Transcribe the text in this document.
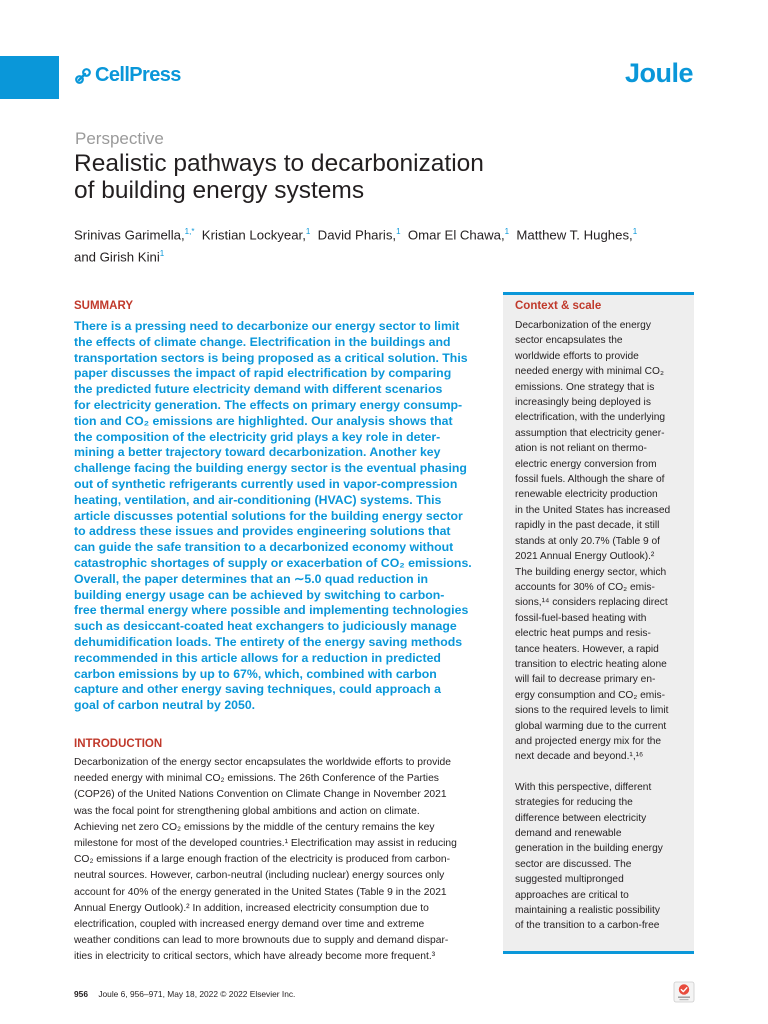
CellPress	Joule
Perspective
Realistic pathways to decarbonization
of building energy systems
Srinivas Garimella,$^{1,*}$ Kristian Lockyear,$^1$ David Pharis,$^1$ Omar El Chawa,$^1$ Matthew T. Hughes,$^1$
and Girish Kini$^1$
SUMMARY
There is a pressing need to decarbonize our energy sector to limit
the effects of climate change. Electrification in the buildings and
transportation sectors is being proposed as a critical solution. This
paper discusses the impact of rapid electrification by comparing
the predicted future electricity demand with different scenarios
for electricity generation. The effects on primary energy consump-
tion and CO₂ emissions are highlighted. Our analysis shows that
the composition of the electricity grid plays a key role in deter-
mining a better trajectory toward decarbonization. Another key
challenge facing the building energy sector is the eventual phasing
out of synthetic refrigerants currently used in vapor-compression
heating, ventilation, and air-conditioning (HVAC) systems. This
article discusses potential solutions for the building energy sector
to address these issues and provides engineering solutions that
can guide the safe transition to a decarbonized economy without
catastrophic shortages of supply or exacerbation of CO₂ emissions.
Overall, the paper determines that an ∼5.0 quad reduction in
building energy usage can be achieved by switching to carbon-
free thermal energy where possible and implementing technologies
such as desiccant-coated heat exchangers to judiciously manage
dehumidification loads. The entirety of the energy saving methods
recommended in this article allows for a reduction in predicted
carbon emissions by up to 67%, which, combined with carbon
capture and other energy saving techniques, could approach a
goal of carbon neutral by 2050.
INTRODUCTION
Decarbonization of the energy sector encapsulates the worldwide efforts to provide
needed energy with minimal CO₂ emissions. The 26th Conference of the Parties
(COP26) of the United Nations Convention on Climate Change in November 2021
was the focal point for strengthening global ambitions and action on climate.
Achieving net zero CO₂ emissions by the middle of the century remains the key
milestone for most of the developed countries.¹ Electrification may assist in reducing
CO₂ emissions if a large enough fraction of the electricity is produced from carbon-
neutral sources. However, carbon-neutral (including nuclear) energy sources only
account for 40% of the energy generated in the United States (Table 9 in the 2021
Annual Energy Outlook).² In addition, increased electricity consumption due to
electrification, coupled with increased energy demand over time and extreme
weather conditions can lead to more brownouts due to supply and demand dispar-
ities in electricity to critical sectors, which have already become more frequent.³
Context & scale
Decarbonization of the energy
sector encapsulates the
worldwide efforts to provide
needed energy with minimal CO₂
emissions. One strategy that is
increasingly being deployed is
electrification, with the underlying
assumption that electricity gener-
ation is not reliant on thermo-
electric energy conversion from
fossil fuels. Although the share of
renewable electricity production
in the United States has increased
rapidly in the past decade, it still
stands at only 20.7% (Table 9 of
2021 Annual Energy Outlook).²
The building energy sector, which
accounts for 30% of CO₂ emis-
sions,¹⁴ considers replacing direct
fossil-fuel-based heating with
electric heat pumps and resis-
tance heaters. However, a rapid
transition to electric heating alone
will fail to decrease primary en-
ergy consumption and CO₂ emis-
sions to the required levels to limit
global warming due to the current
and projected energy mix for the
next decade and beyond.¹,¹⁶
With this perspective, different
strategies for reducing the
difference between electricity
demand and renewable
generation in the building energy
sector are discussed. The
suggested multipronged
approaches are critical to
maintaining a realistic possibility
of the transition to a carbon-free
956 Joule 6, 956–971, May 18, 2022 © 2022 Elsevier Inc.
